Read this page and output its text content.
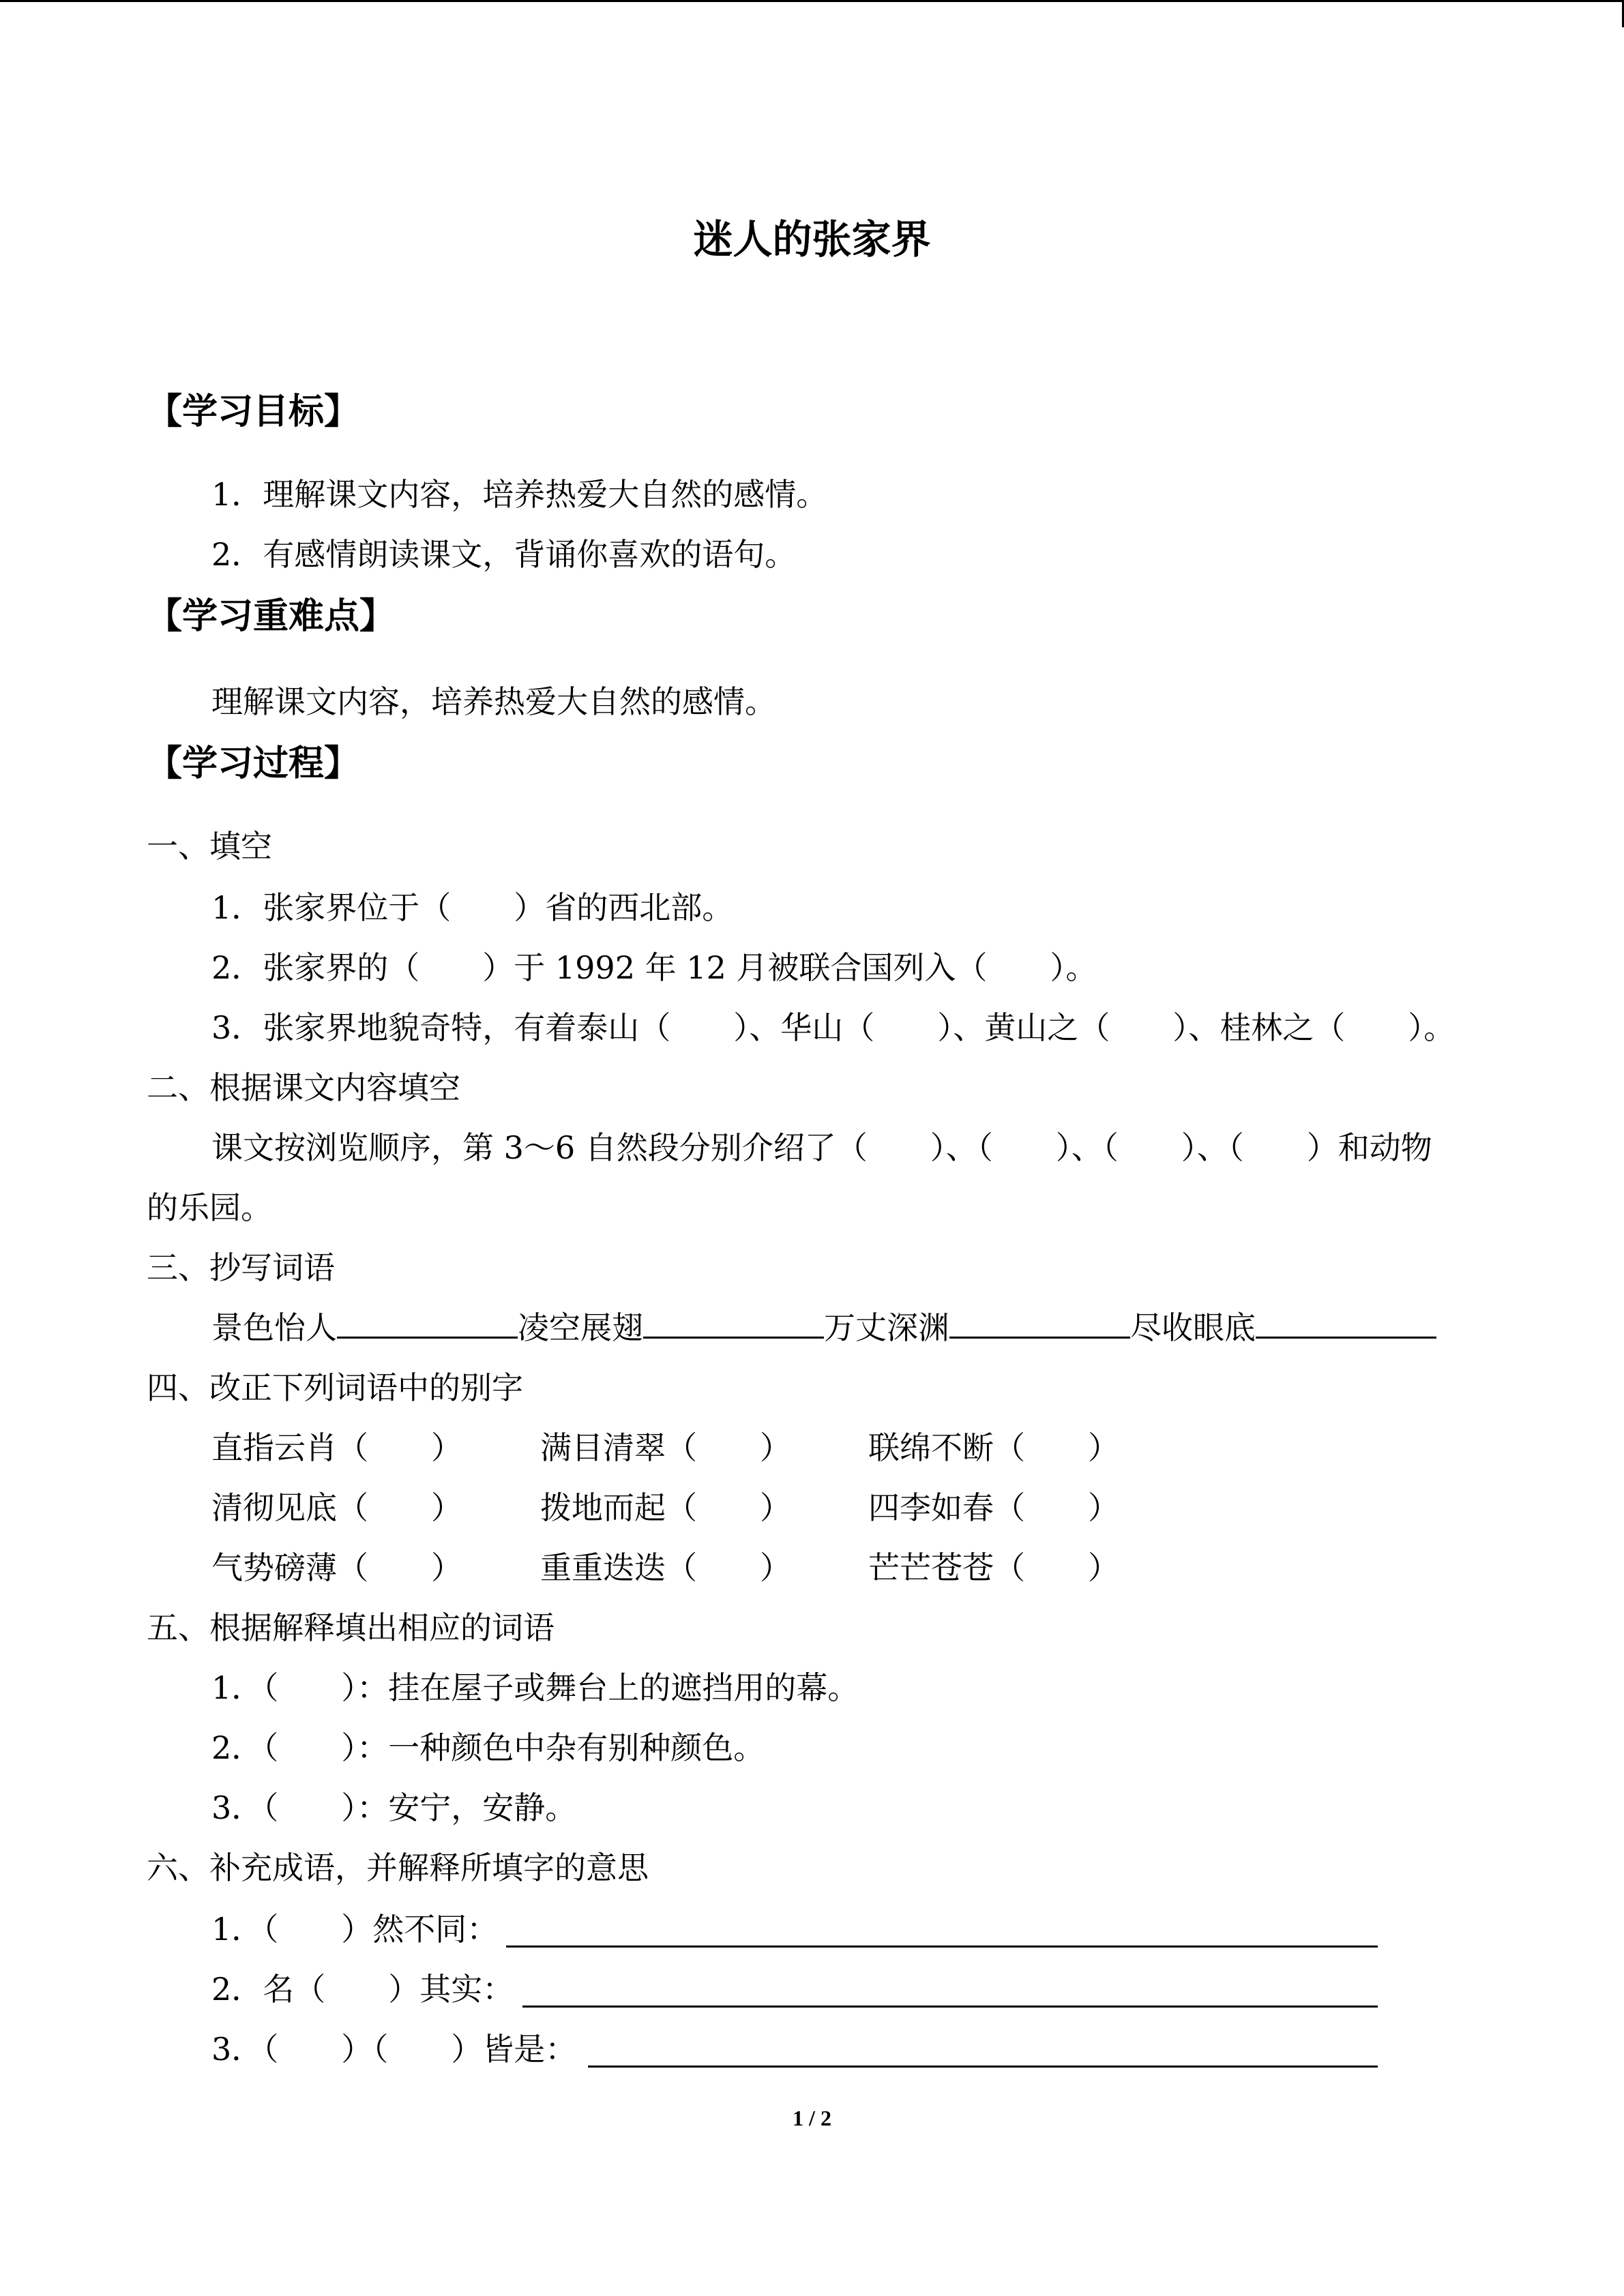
迷人的张家界
【学习目标】
1．理解课文内容，培养热爱大自然的感情。
2．有感情朗读课文，背诵你喜欢的语句。
【学习重难点】
理解课文内容，培养热爱大自然的感情。
【学习过程】
一、填空
1．张家界位于（　　）省的西北部。
2．张家界的（　　）于 1992 年 12 月被联合国列入（　　）。
3．张家界地貌奇特，有着泰山（　　）、华山（　　）、黄山之（　　）、桂林之（　　）。
二、根据课文内容填空
课文按浏览顺序，第 3～6 自然段分别介绍了（　　）、（　　）、（　　）、（　　）和动物
的乐园。
三、抄写词语
景色怡人	凌空展翅	万丈深渊	尽收眼底
四、改正下列词语中的别字
直指云肖（　　） 满目清翠（　　） 联绵不断（　　）
清彻见底（　　） 拨地而起（　　） 四李如春（　　）
气势磅薄（　　） 重重迭迭（　　） 芒芒苍苍（　　）
五、根据解释填出相应的词语
1．（　　）：挂在屋子或舞台上的遮挡用的幕。
2．（　　）：一种颜色中杂有别种颜色。
3．（　　）：安宁，安静。
六、补充成语，并解释所填字的意思
1．（　　）然不同：
2．名（　　）其实：
3．（　　）（　　）皆是：
1 / 2
